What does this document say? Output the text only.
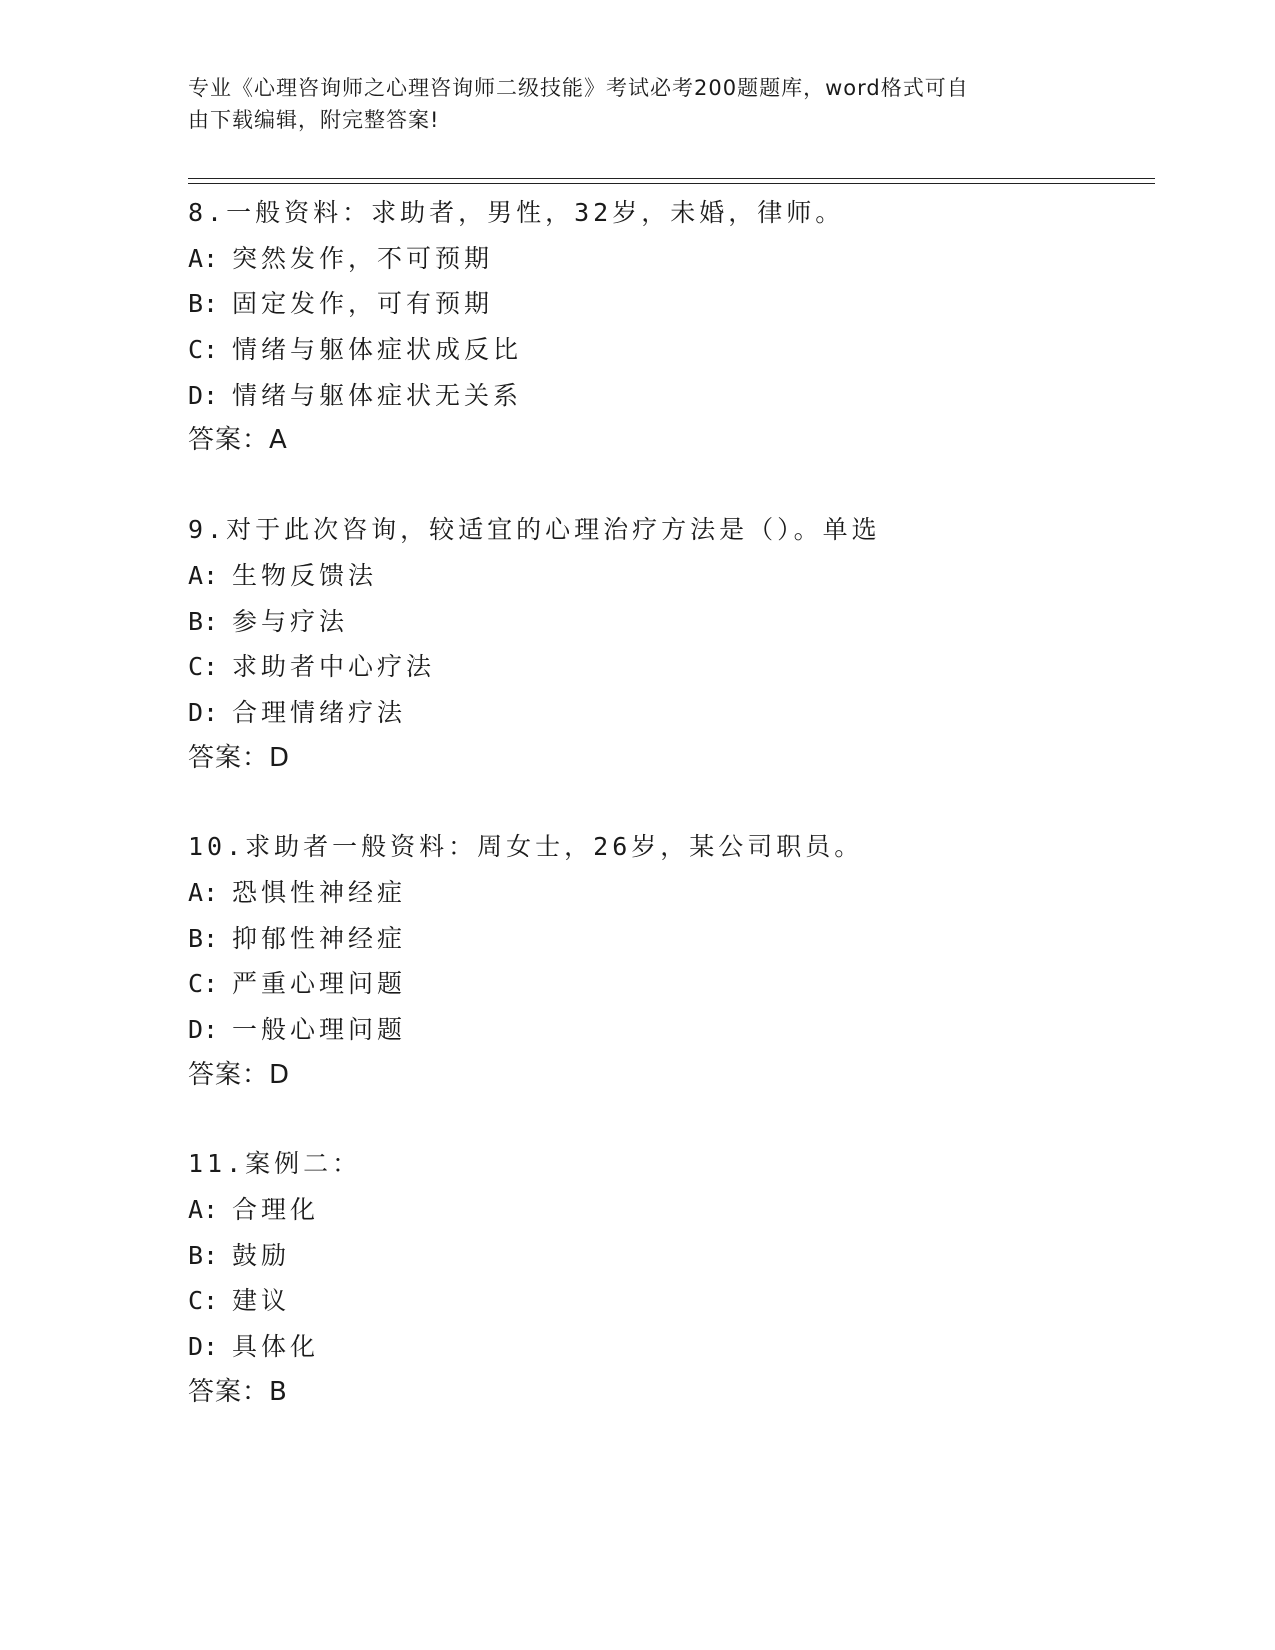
专业《心理咨询师之心理咨询师二级技能》考试必考200题题库，word格式可自
由下载编辑，附完整答案!
8.一般资料：求助者，男性，32岁，未婚，律师。
A: 突然发作，不可预期
B: 固定发作，可有预期
C: 情绪与躯体症状成反比
D: 情绪与躯体症状无关系
答案：A
9.对于此次咨询，较适宜的心理治疗方法是（）。单选
A: 生物反馈法
B: 参与疗法
C: 求助者中心疗法
D: 合理情绪疗法
答案：D
10.求助者一般资料：周女士，26岁，某公司职员。
A: 恐惧性神经症
B: 抑郁性神经症
C: 严重心理问题
D: 一般心理问题
答案：D
11.案例二：
A: 合理化
B: 鼓励
C: 建议
D: 具体化
答案：B
